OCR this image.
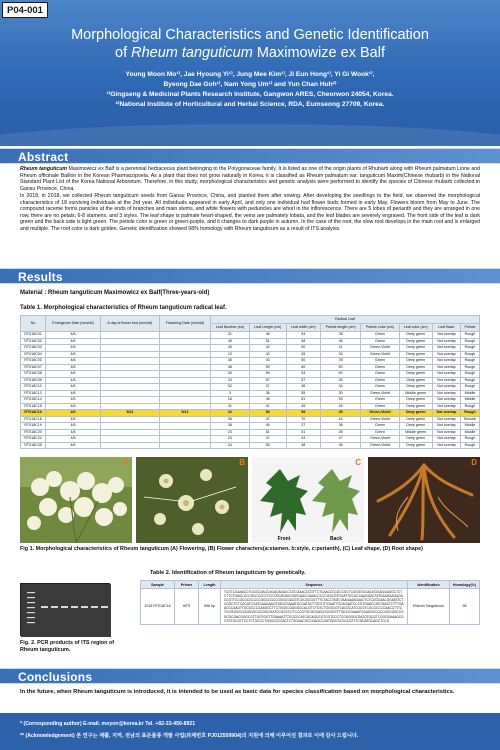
P04-001
Morphological Characteristics and Genetic Identification
of Rheum tanguticum Maximowize ex Balf
Young Moon Mo¹⁾, Jae Hyoung Yi¹⁾, Jung Mee Kim¹⁾, Ji Eun Hong¹⁾, Yi Gi Wook¹⁾,
Byeong Dae Goh¹⁾, Nam Yong Um¹⁾ and Yun Chan Huh²⁾
¹⁾Gingseng & Medicinal Plants Research Institute, Gangwon ARES, Cheorwon 24054, Korea.
²⁾National Institute of Horticultural and Herbal Science, RDA, Eumseong 27709, Korea.
Abstract

Rheum tanguticum Maximowicz ex Balf is a perennial herbaceous plant belonging to the Polygonaceae family. It is listed as one of the origin plants of Rhubarb along with Rheum palmatum Linne and Rheum officinale Baillon in the Korean Pharmacopoeia. As a plant that does not grow naturally in Korea, it is classified as Rheum palmatum var. tanguticum Maxim(Chinese rhubarb) in the National Standard Plant List of the Korea National Arboretum. Therefore, in this study, morphological characteristics and genetic analysis were performed to identify the species of Chinese rhubarb collected in Gansu Province, China.

In 2018, in 2018, we collected Rheum tanguticum seeds from Gansu Province, China, and planted them after sowing. After developing the seedlings to the field, we observed the morphological characteristics of 18 surviving individuals at the 3rd year. All individuals appeared in early April, and only one individual had flower buds formed in early May. Flowers bloom from May to June. The compound raceme forms panicles at the ends of branches and main stems, and white flowers with peduncles are whorl in the inflorescence. There are 5 lobes of perianth and they are arranged in one row, there are no petals, 6-8 stamens, and 3 styles. The leaf shape is palmate heart-shaped, the veins are palmately lobata, and the leaf blades are severely engraved. The front side of the leaf is dark green and the back side is light green. The petiole color is green or green-purple, and it changes to dark purple in autumn. In the case of the root, the slow root develops in the main root and is enlarged and multiple. The root color is dark golden. Genetic identification showed 98% homology with Rheum tanguticum as a result of ITS analysis.

Results
Material : Rheum tanguticum Maximowicz ex Balf(Three-years-old)
Table 1. Morphological characteristics of Rheum tanguticum radical leaf.
No	Emergence Date (mm/dd)	A day of flower bud (mm/dd)	Flowering Date (mm/dd)	Radical Leaf							
				Leaf Number (ea)	Leaf Length (cm)	Leaf width (cm)	Petiole length (cm)	Petiole color (cm)	Leaf color (cm)	Leaf Base	Petiole
RT018C01	4/6			21	46	54	28	Green	Deep green	Not overlap	Rough
RT018C02	4/6			45	51	58	46	Green	Deep green	Not overlap	Rough
RT018C03	4/6			40	42	50	41	Green-Violet	Deep green	Not overlap	Rough
RT018C04	4/6			10	42	45	34	Green-Violet	Deep green	Not overlap	Rough
RT018C05	4/6			38	40	50	39	Green	Deep green	Not overlap	Rough
RT018C07	4/6			46	59	60	50	Green	Deep green	Not overlap	Rough
RT018C08	4/6			30	59	53	50	Green	Deep green	Not overlap	Rough
RT018C09	4/6			34	57	57	45	Green	Deep green	Not overlap	Rough
RT018C10	4/6			52	37	36	34	Green	Deep green	Not overlap	Rough
RT018C13	4/6			3	36	55	30	Green-Violet	Middle green	Not overlap	Middle
RT018C14	4/6			16	48	61	53	Green	Deep green	Not overlap	Middle
RT018C15	4/6			31	41	45	45	Green	Deep green	Not overlap	Rough
RT018C16	4/6	5/11	5/12	22	54	59	45	Green-Violet	Deep green	Not overlap	Rough
RT018C18	4/6			36	47	70	44	Green-Violet	Deep green	Not overlap	Smooth
RT018C19	4/6			38	45	37	38	Green	Deep green	Not overlap	Middle
RT018C20	4/6			23	51	51	45	Green	Middle green	Not overlap	Middle
RT018C22	4/6			23	47	43	47	Green-Violet	Deep green	Not overlap	Rough
RT018C25	4/6			24	55	48	46	Green-Violet	Deep green	Not overlap	Rough
A	B
Front	Back
C	D
Fig 1. Morphological characteristics of Rheum tanguticum (A) Flowering, (B) Flower characters(a:stamen, b:style, c:perianth), (C) Leaf shape, (D) Root shape)
Fig. 2. PCR products of ITS region of Rheum tanguticum.
Table 2. Identification of Rheum tanguticum by genetically.
Sample	Primer	Length	Sequence	Identification	Homology(%)
2018 RT018C16	ttITS	596 bp	TCGTCGAAACCTGCGCGAGCAGACAGACCCGCGAACCCGTTCTCAACCCCGCCGCTCGGGGCGACGGGAGGAGGCTCTCTTCTGAGCCCCGCCCCCCTCCCGGGGACGGGCAACCAAACCCCCGGCGTGGATTGCGCCAAGGACTATGAAGAAGAGACCGTTCCGCGCGCCCCGGCCGCCGGGCGACGTCGCGCGGTTTCTACCTAGCTAAGAAAGAACTCTCGGCAACGGATATCTCGGCTCTCGCATCGATGAAGAACGTAGCGAAATGCGATACTTGGTGTGAATTGCAGAATCCCGTGAACCATCGAGTCTTTGAACGCAAGTTGCGCCCGAAGCCTTCTGGCCGAGGGCACGTCTGTCTGGGCGTCACGCATCGCGTCGCCCCCCAACCTTTCTCGGGGGCGGGGGCGCGGGGATCCGGCCCTCCCGTGCGCGAGCCGGGCTTGGCCGAAATCGAGGCCGCCGCCGGCCGGCGCGACGGGCGTTGGTGGTTGAAAATTTCGCCCATCGCAGGCGTCGTCCCTCGGGGGCGATGTGCGTCGGGGAAAGCGCTGTGCGTTCCTCTGGCCTGGGCCGTACTCTGGGACGCCGAGCCGATGGCGCGCCGTTTCGGATGCAGCTCCG	Rheum Tanguticum	98
Conclusions
In the future, when Rheum tanguticum is introduced, it is intended to be used as basic data for species classification based on morphological characteristics.
* (Corresponding author) E-mail. moyon@korea.kr Tel. +82-33-450-8921
** (Acknowledgement) 본 연구는 재활, 지역, 전남의 표준품종 개발 사업(과제번호 PJ012559904)의 지원에 의해 이루어진 결과로 이에 감사 드립니다.
